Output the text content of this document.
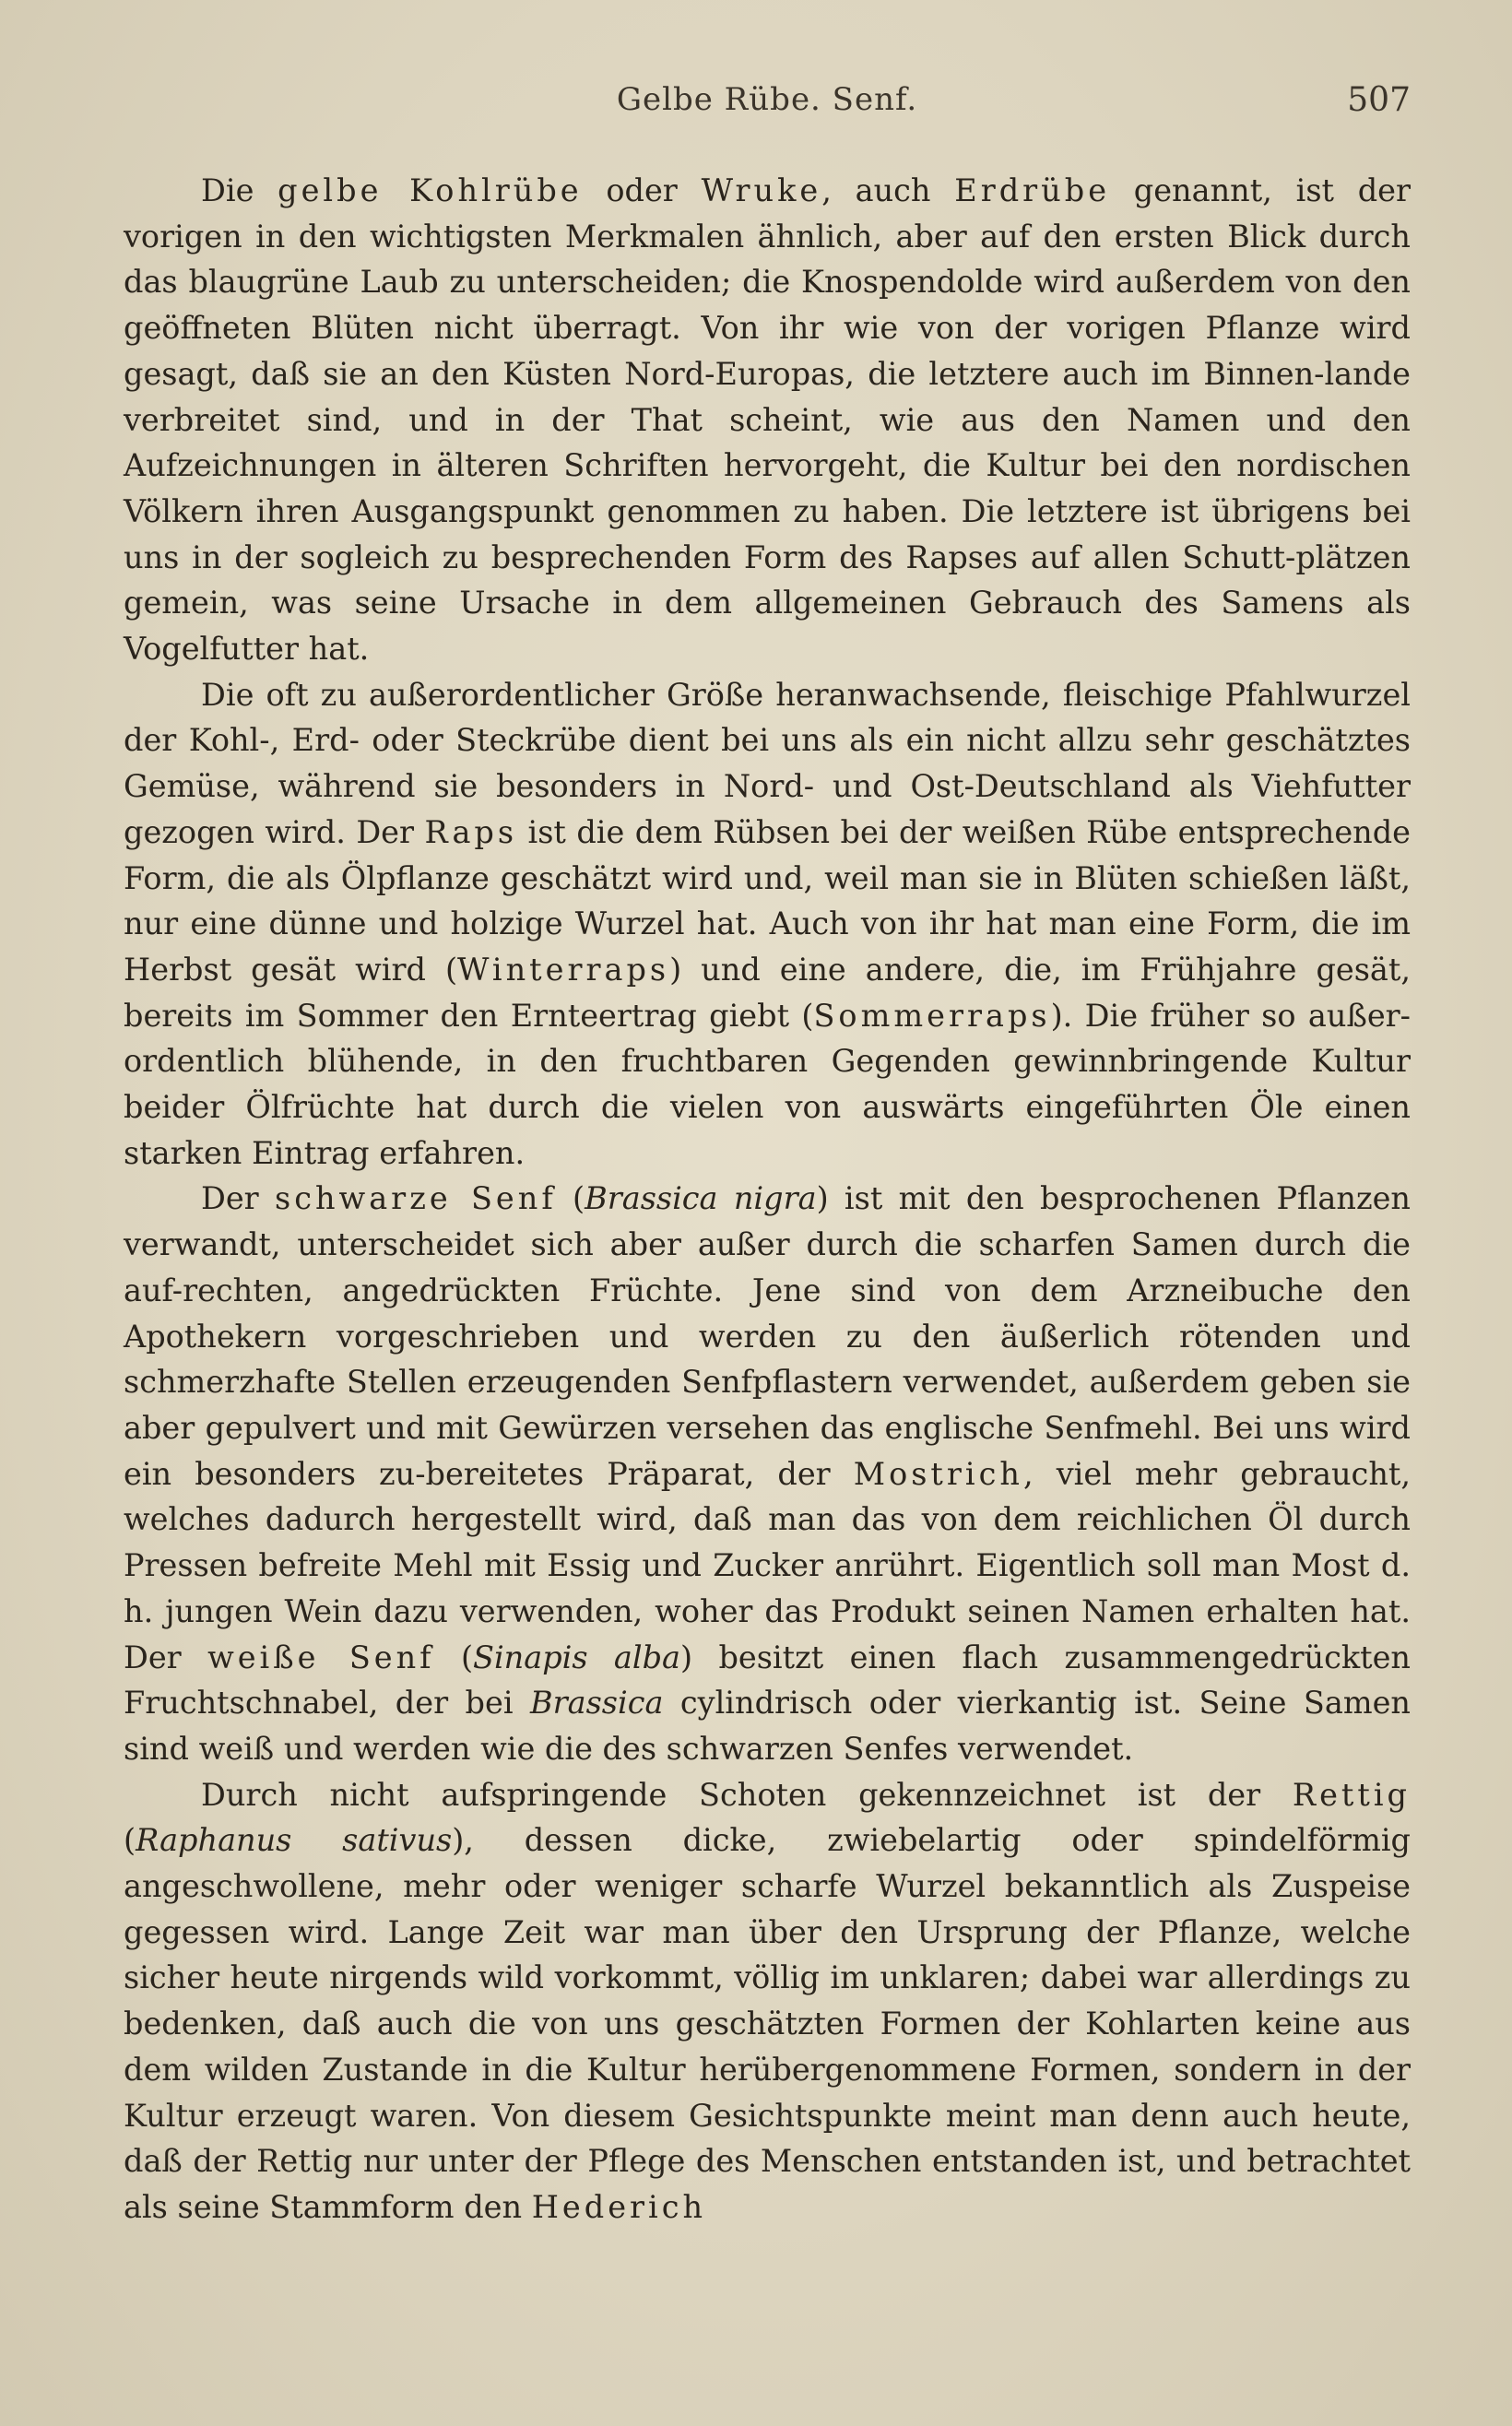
Gelbe Rübe. Senf.	507

Die gelbe Kohlrübe oder Wruke, auch Erdrübe genannt, ist der vorigen in den wichtigsten Merkmalen ähnlich, aber auf den ersten Blick durch das blaugrüne Laub zu unterscheiden; die Knospendolde wird außerdem von den geöffneten Blüten nicht überragt. Von ihr wie von der vorigen Pflanze wird gesagt, daß sie an den Küsten Nord-Europas, die letztere auch im Binnen-lande verbreitet sind, und in der That scheint, wie aus den Namen und den Aufzeichnungen in älteren Schriften hervorgeht, die Kultur bei den nordischen Völkern ihren Ausgangspunkt genommen zu haben. Die letztere ist übrigens bei uns in der sogleich zu besprechenden Form des Rapses auf allen Schutt-plätzen gemein, was seine Ursache in dem allgemeinen Gebrauch des Samens als Vogelfutter hat.

Die oft zu außerordentlicher Größe heranwachsende, fleischige Pfahlwurzel der Kohl-, Erd- oder Steckrübe dient bei uns als ein nicht allzu sehr geschätztes Gemüse, während sie besonders in Nord- und Ost-Deutschland als Viehfutter gezogen wird. Der Raps ist die dem Rübsen bei der weißen Rübe entsprechende Form, die als Ölpflanze geschätzt wird und, weil man sie in Blüten schießen läßt, nur eine dünne und holzige Wurzel hat. Auch von ihr hat man eine Form, die im Herbst gesät wird (Winterraps) und eine andere, die, im Frühjahre gesät, bereits im Sommer den Ernteertrag giebt (Sommerraps). Die früher so außer-ordentlich blühende, in den fruchtbaren Gegenden gewinnbringende Kultur beider Ölfrüchte hat durch die vielen von auswärts eingeführten Öle einen starken Eintrag erfahren.

Der schwarze Senf (Brassica nigra) ist mit den besprochenen Pflanzen verwandt, unterscheidet sich aber außer durch die scharfen Samen durch die auf-rechten, angedrückten Früchte. Jene sind von dem Arzneibuche den Apothekern vorgeschrieben und werden zu den äußerlich rötenden und schmerzhafte Stellen erzeugenden Senfpflastern verwendet, außerdem geben sie aber gepulvert und mit Gewürzen versehen das englische Senfmehl. Bei uns wird ein besonders zu-bereitetes Präparat, der Mostrich, viel mehr gebraucht, welches dadurch hergestellt wird, daß man das von dem reichlichen Öl durch Pressen befreite Mehl mit Essig und Zucker anrührt. Eigentlich soll man Most d. h. jungen Wein dazu verwenden, woher das Produkt seinen Namen erhalten hat. Der weiße Senf (Sinapis alba) besitzt einen flach zusammengedrückten Fruchtschnabel, der bei Brassica cylindrisch oder vierkantig ist. Seine Samen sind weiß und werden wie die des schwarzen Senfes verwendet.

Durch nicht aufspringende Schoten gekennzeichnet ist der Rettig (Raphanus sativus), dessen dicke, zwiebelartig oder spindelförmig angeschwollene, mehr oder weniger scharfe Wurzel bekanntlich als Zuspeise gegessen wird. Lange Zeit war man über den Ursprung der Pflanze, welche sicher heute nirgends wild vorkommt, völlig im unklaren; dabei war allerdings zu bedenken, daß auch die von uns geschätzten Formen der Kohlarten keine aus dem wilden Zustande in die Kultur herübergenommene Formen, sondern in der Kultur erzeugt waren. Von diesem Gesichtspunkte meint man denn auch heute, daß der Rettig nur unter der Pflege des Menschen entstanden ist, und betrachtet als seine Stammform den Hederich
